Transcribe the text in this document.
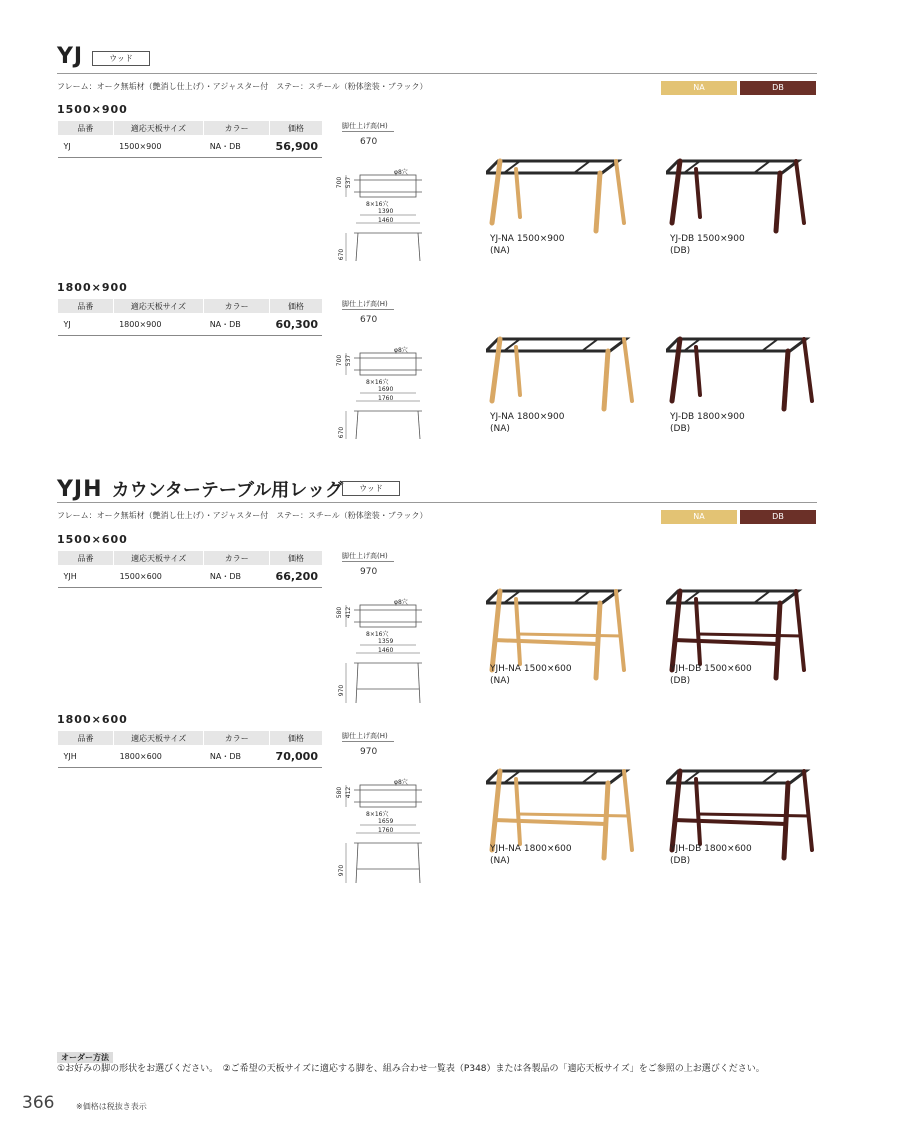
YJ	ウッド
フレーム：オーク無垢材（艶消し仕上げ）・アジャスター付　ステー：スチール（粉体塗装・ブラック）	NA	DB
YJH カウンターテーブル用レッグ	ウッド
フレーム：オーク無垢材（艶消し仕上げ）・アジャスター付　ステー：スチール（粉体塗装・ブラック）	NA	DB
1500×900
品番	適応天板サイズ	カラー	価格
YJ	1500×900	NA・DB	56,900
脚仕上げ高(H)
670
φ8穴
8×16穴
1390
1460
700 537
670
YJ-NA 1500×900
(NA)
YJ-DB 1500×900
(DB)
1800×900
品番	適応天板サイズ	カラー	価格
YJ	1800×900	NA・DB	60,300
脚仕上げ高(H)
670
φ8穴
8×16穴
1690
1760
700 537
670
YJ-NA 1800×900
(NA)
YJ-DB 1800×900
(DB)
1500×600
品番	適応天板サイズ	カラー	価格
YJH	1500×600	NA・DB	66,200
脚仕上げ高(H)
970
φ8穴
8×16穴
1359
1460
580 412
970
YJH-NA 1500×600
(NA)
YJH-DB 1500×600
(DB)
1800×600
品番	適応天板サイズ	カラー	価格
YJH	1800×600	NA・DB	70,000
脚仕上げ高(H)
970
φ8穴
8×16穴
1659
1760
580 412
970
YJH-NA 1800×600
(NA)
YJH-DB 1800×600
(DB)
オーダー方法
①お好みの脚の形状をお選びください。　②ご希望の天板サイズに適応する脚を、組み合わせ一覧表（P348）または各製品の「適応天板サイズ」をご参照の上お選びください。
366	※価格は税抜き表示
